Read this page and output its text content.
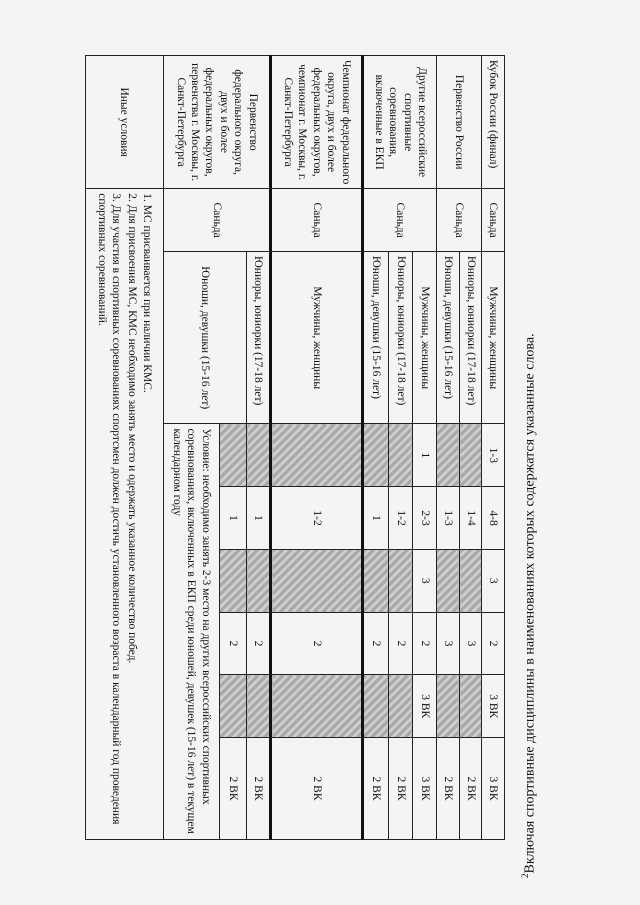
Кубок России (финал)	Саньда	Мужчины, женщины	1-3	4-8	3	2	3 ВК	3 ВК
Первенство России	Саньда	Юниоры, юниорки (17-18 лет)		1-4		3		2 ВК
		Юноши, девушки (15-16 лет)		1-3		3		2 ВК
Другие всероссийские спортивные соревнования, включенные в ЕКП	Саньда	Мужчины, женщины	1	2-3	3	2	3 ВК	3 ВК
		Юниоры, юниорки (17-18 лет)		1-2		2		2 ВК
		Юноши, девушки (15-16 лет)		1		2		2 ВК
Чемпионат федерального округа, двух и более федеральных округов, чемпионат г. Москвы, г. Санкт-Петербурга	Саньда	Мужчины, женщины		1-2		2		2 ВК
Первенство федерального округа, двух и более федеральных округов, первенства г. Москвы, г. Санкт-Петербурга	Саньда	Юниоры, юниорки (17-18 лет)		1		2		2 ВК
		Юноши, девушки (15-16 лет)		1		2		2 ВК
			Условие: необходимо занять 2-3 место на других всероссийских спортивных соревнованиях, включенных в ЕКП среди юношей, девушек (15-16 лет) в текущем календарном году					
Иные условия	1. МС присваивается при наличии КМС.
2. Для присвоения МС, КМС необходимо занять место и одержать указанное количество побед.
3. Для участия в спортивных соревнованиях спортсмен должен достичь установленного возраста в календарный год проведения спортивных соревнований.							
$^2$Включая спортивные дисциплины в наименованиях которых содержатся указанные слова.
